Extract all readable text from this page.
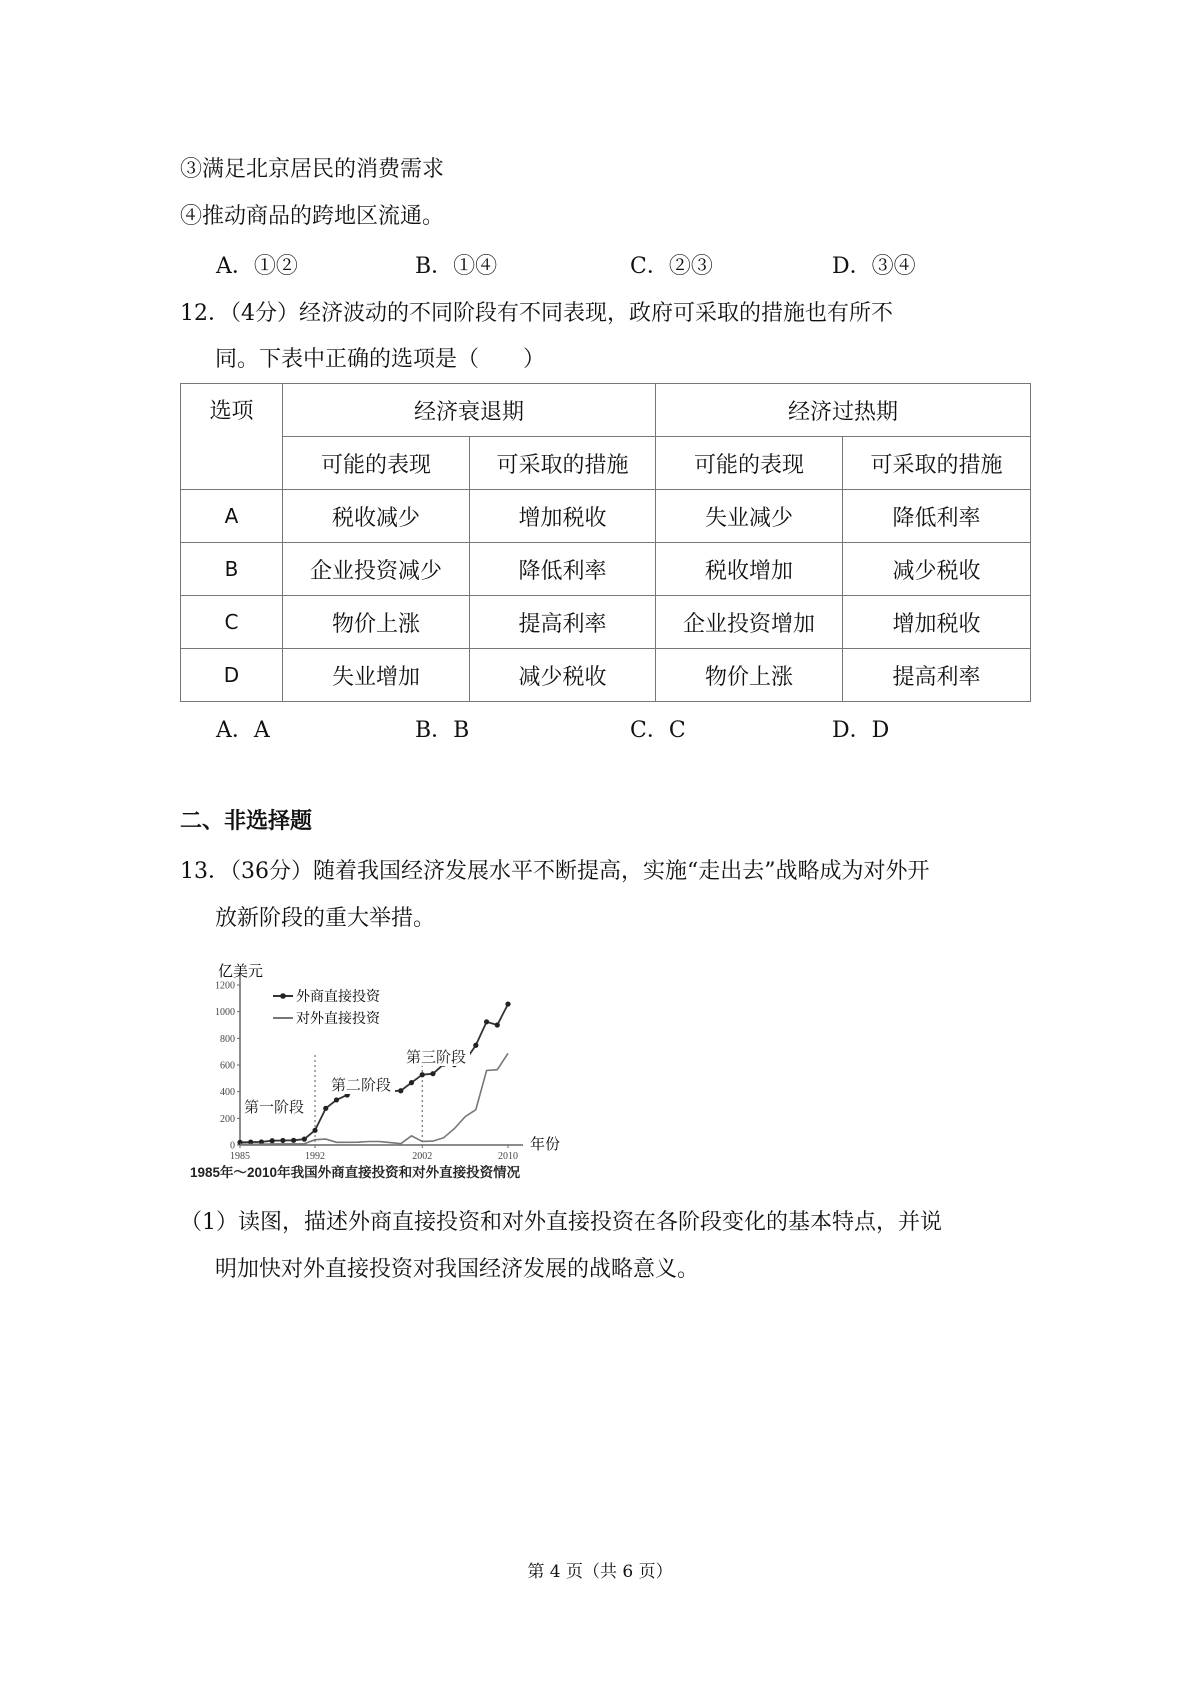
③满足北京居民的消费需求
④推动商品的跨地区流通。
A．①②	B．①④	C．②③	D．③④
12．（4分）经济波动的不同阶段有不同表现，政府可采取的措施也有所不
同。下表中正确的选项是（　　）
选项	经济衰退期		经济过热期	
	可能的表现	可采取的措施	可能的表现	可采取的措施
A	税收减少	增加税收	失业减少	降低利率
B	企业投资减少	降低利率	税收增加	减少税收
C	物价上涨	提高利率	企业投资增加	增加税收
D	失业增加	减少税收	物价上涨	提高利率
A．A	B．B	C．C	D．D
二、非选择题
13．（36分）随着我国经济发展水平不断提高，实施“走出去”战略成为对外开
放新阶段的重大举措。
0
200
400
600
800
1000
1200
1985	1992	2002	2010
亿美元
年份
外商直接投资
对外直接投资
第一阶段
第二阶段
第三阶段
1985年～2010年我国外商直接投资和对外直接投资情况
（1）读图，描述外商直接投资和对外直接投资在各阶段变化的基本特点，并说
明加快对外直接投资对我国经济发展的战略意义。
第 4 页（共 6 页）
